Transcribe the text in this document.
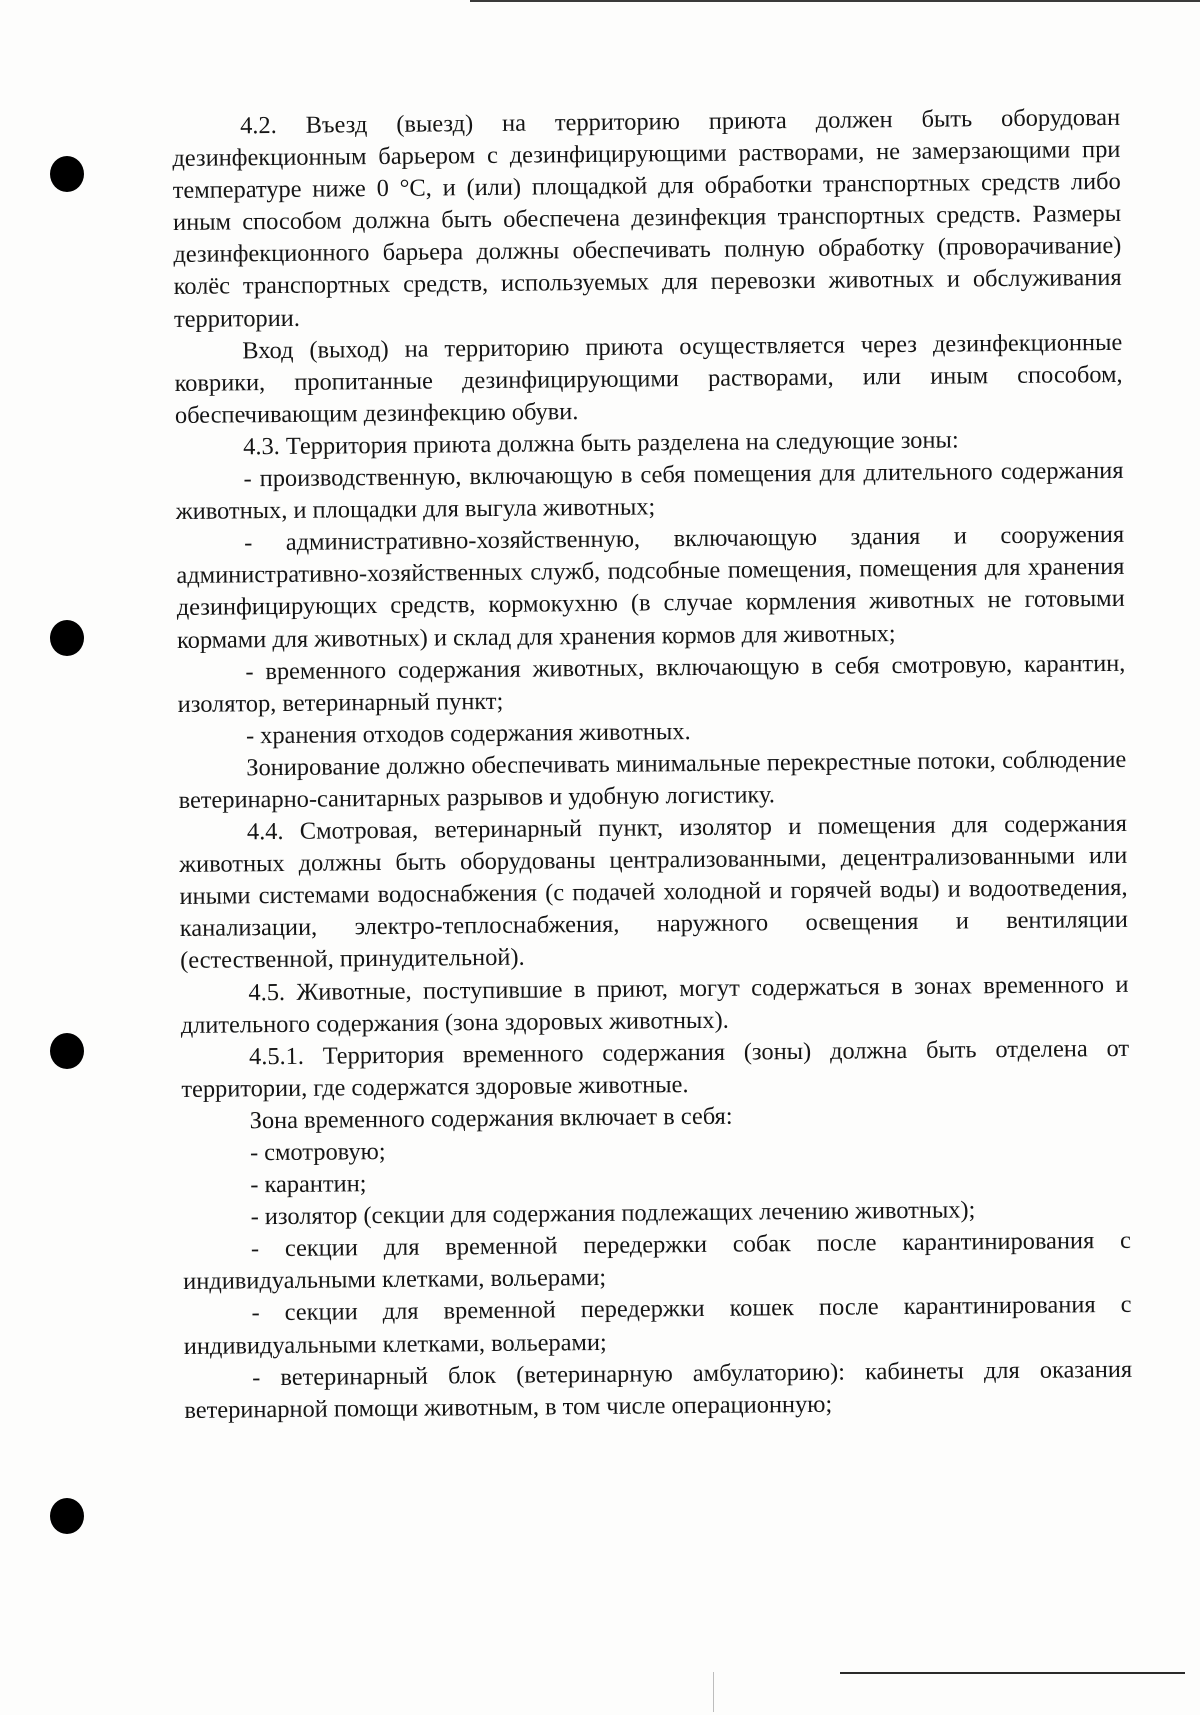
4.2. Въезд (выезд) на территорию приюта должен быть оборудован дезинфекционным барьером с дезинфицирующими растворами, не замерзающими при температуре ниже 0 °С, и (или) площадкой для обработки транспортных средств либо иным способом должна быть обеспечена дезинфекция транспортных средств. Размеры дезинфекционного барьера должны обеспечивать полную обработку (проворачивание) колёс транспортных средств, используемых для перевозки животных и обслуживания территории.

Вход (выход) на территорию приюта осуществляется через дезинфекционные коврики, пропитанные дезинфицирующими растворами, или иным способом, обеспечивающим дезинфекцию обуви.

4.3. Территория приюта должна быть разделена на следующие зоны:

- производственную, включающую в себя помещения для длительного содержания животных, и площадки для выгула животных;

- административно-хозяйственную, включающую здания и сооружения административно-хозяйственных служб, подсобные помещения, помещения для хранения дезинфицирующих средств, кормокухню (в случае кормления животных не готовыми кормами для животных) и склад для хранения кормов для животных;

- временного содержания животных, включающую в себя смотровую, карантин, изолятор, ветеринарный пункт;

- хранения отходов содержания животных.

Зонирование должно обеспечивать минимальные перекрестные потоки, соблюдение ветеринарно-санитарных разрывов и удобную логистику.

4.4. Смотровая, ветеринарный пункт, изолятор и помещения для содержания животных должны быть оборудованы централизованными, децентрализованными или иными системами водоснабжения (с подачей холодной и горячей воды) и водоотведения, канализации, электро-теплоснабжения, наружного освещения и вентиляции (естественной, принудительной).

4.5. Животные, поступившие в приют, могут содержаться в зонах временного и длительного содержания (зона здоровых животных).

4.5.1. Территория временного содержания (зоны) должна быть отделена от территории, где содержатся здоровые животные.

Зона временного содержания включает в себя:

- смотровую;

- карантин;

- изолятор (секции для содержания подлежащих лечению животных);

- секции для временной передержки собак после карантинирования с индивидуальными клетками, вольерами;

- секции для временной передержки кошек после карантинирования с индивидуальными клетками, вольерами;

- ветеринарный блок (ветеринарную амбулаторию): кабинеты для оказания ветеринарной помощи животным, в том числе операционную;
